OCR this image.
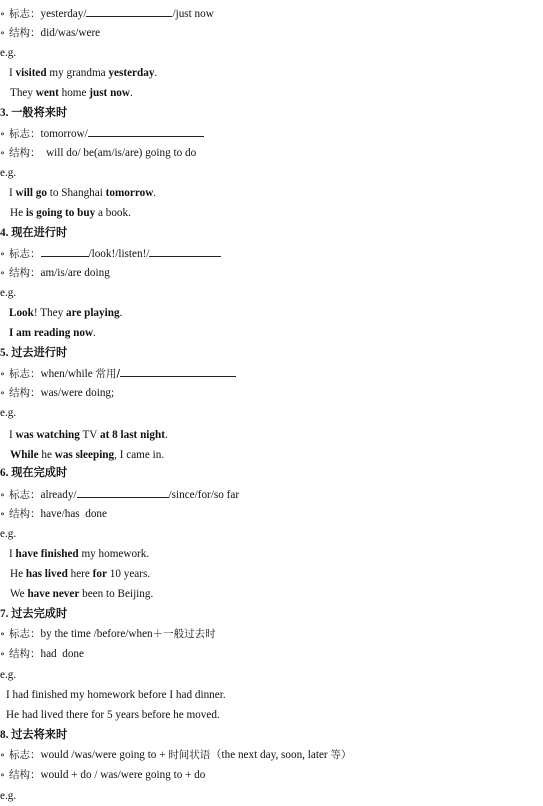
∘ 标志：yesterday/	/just now
∘ 结构：did/was/were
e.g.
I visited my grandma yesterday.
They went home just now.
3. 一般将来时
∘ 标志：tomorrow/
∘ 结构： will do/ be(am/is/are) going to do
e.g.
I will go to Shanghai tomorrow.
He is going to buy a book.
4. 现在进行时
∘ 标志：	/look!/listen!/
∘ 结构：am/is/are doing
e.g.
Look! They are playing.
I am reading now.
5. 过去进行时
∘ 标志：when/while 常用/
∘ 结构：was/were doing;
e.g.
I was watching TV at 8 last night.
While he was sleeping, I came in.
6. 现在完成时
∘ 标志：already/	/since/for/so far
∘ 结构：have/has  done
e.g.
I have finished my homework.
He has lived here for 10 years.
We have never been to Beijing.
7. 过去完成时
∘ 标志：by the time /before/when＋一般过去时
∘ 结构：had  done
e.g.
I had finished my homework before I had dinner.
He had lived there for 5 years before he moved.
8. 过去将来时
∘ 标志：would /was/were going to + 时间状语（the next day, soon, later 等）
∘ 结构：would + do / was/were going to + do
e.g.
